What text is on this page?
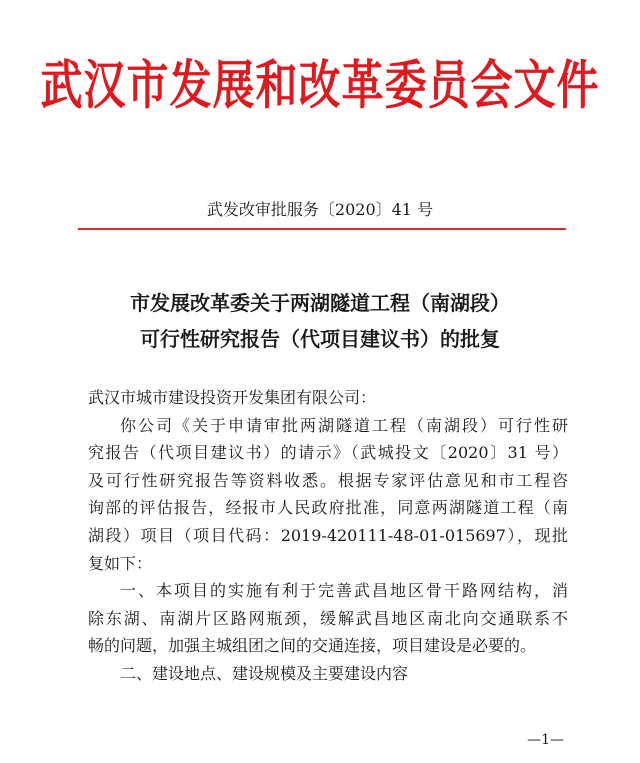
武汉市发展和改革委员会文件
武发改审批服务〔2020〕41 号
市发展改革委关于两湖隧道工程（南湖段）
可行性研究报告（代项目建议书）的批复
武汉市城市建设投资开发集团有限公司：
你公司《关于申请审批两湖隧道工程（南湖段）可行性研
究报告（代项目建议书）的请示》（武城投文〔2020〕31 号）
及可行性研究报告等资料收悉。根据专家评估意见和市工程咨
询部的评估报告，经报市人民政府批准，同意两湖隧道工程（南
湖段）项目（项目代码：2019-420111-48-01-015697），现批
复如下：
一、本项目的实施有利于完善武昌地区骨干路网结构，消
除东湖、南湖片区路网瓶颈，缓解武昌地区南北向交通联系不
畅的问题，加强主城组团之间的交通连接，项目建设是必要的。
二、建设地点、建设规模及主要建设内容
—1—
